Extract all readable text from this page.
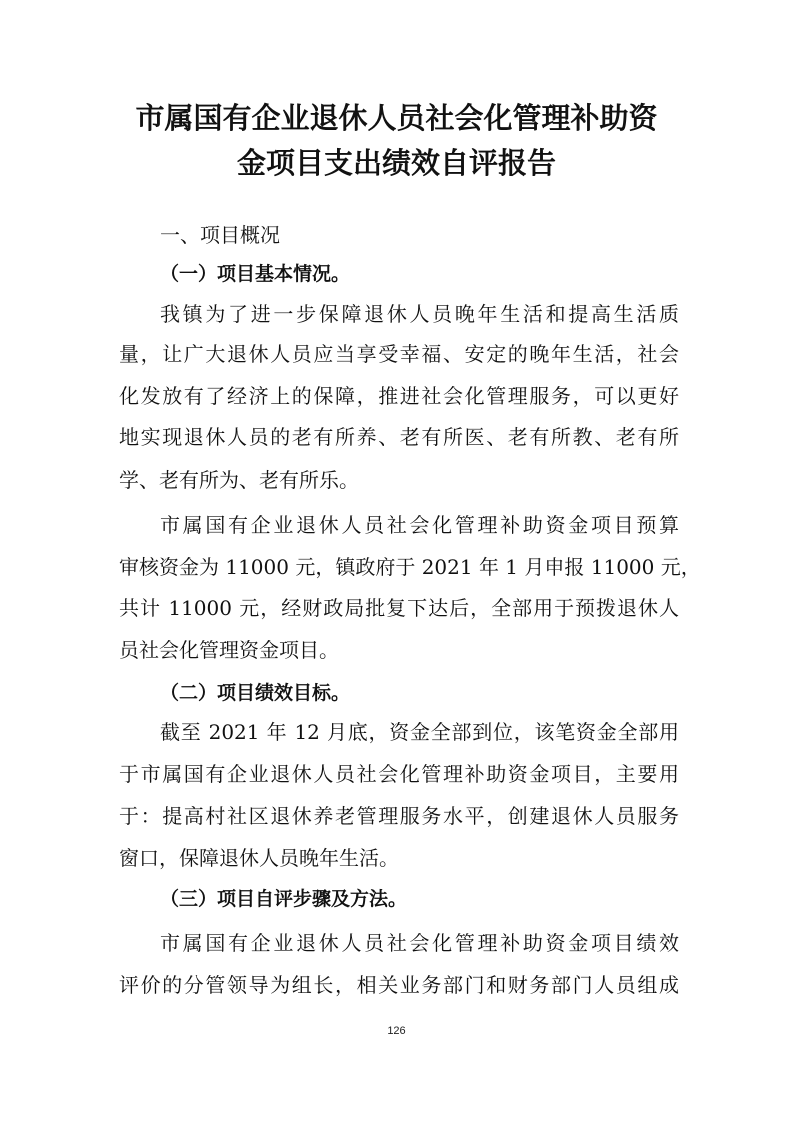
市属国有企业退休人员社会化管理补助资
金项目支出绩效自评报告
一、项目概况
（一）项目基本情况。
我镇为了进一步保障退休人员晚年生活和提高生活质
量，让广大退休人员应当享受幸福、安定的晚年生活，社会
化发放有了经济上的保障，推进社会化管理服务，可以更好
地实现退休人员的老有所养、老有所医、老有所教、老有所
学、老有所为、老有所乐。
市属国有企业退休人员社会化管理补助资金项目预算
审核资金为 11000 元，镇政府于 2021 年 1 月申报 11000 元，
共计 11000 元，经财政局批复下达后，全部用于预拨退休人
员社会化管理资金项目。
（二）项目绩效目标。
截至 2021 年 12 月底，资金全部到位，该笔资金全部用
于市属国有企业退休人员社会化管理补助资金项目，主要用
于：提高村社区退休养老管理服务水平，创建退休人员服务
窗口，保障退休人员晚年生活。
（三）项目自评步骤及方法。
市属国有企业退休人员社会化管理补助资金项目绩效
评价的分管领导为组长，相关业务部门和财务部门人员组成
126
